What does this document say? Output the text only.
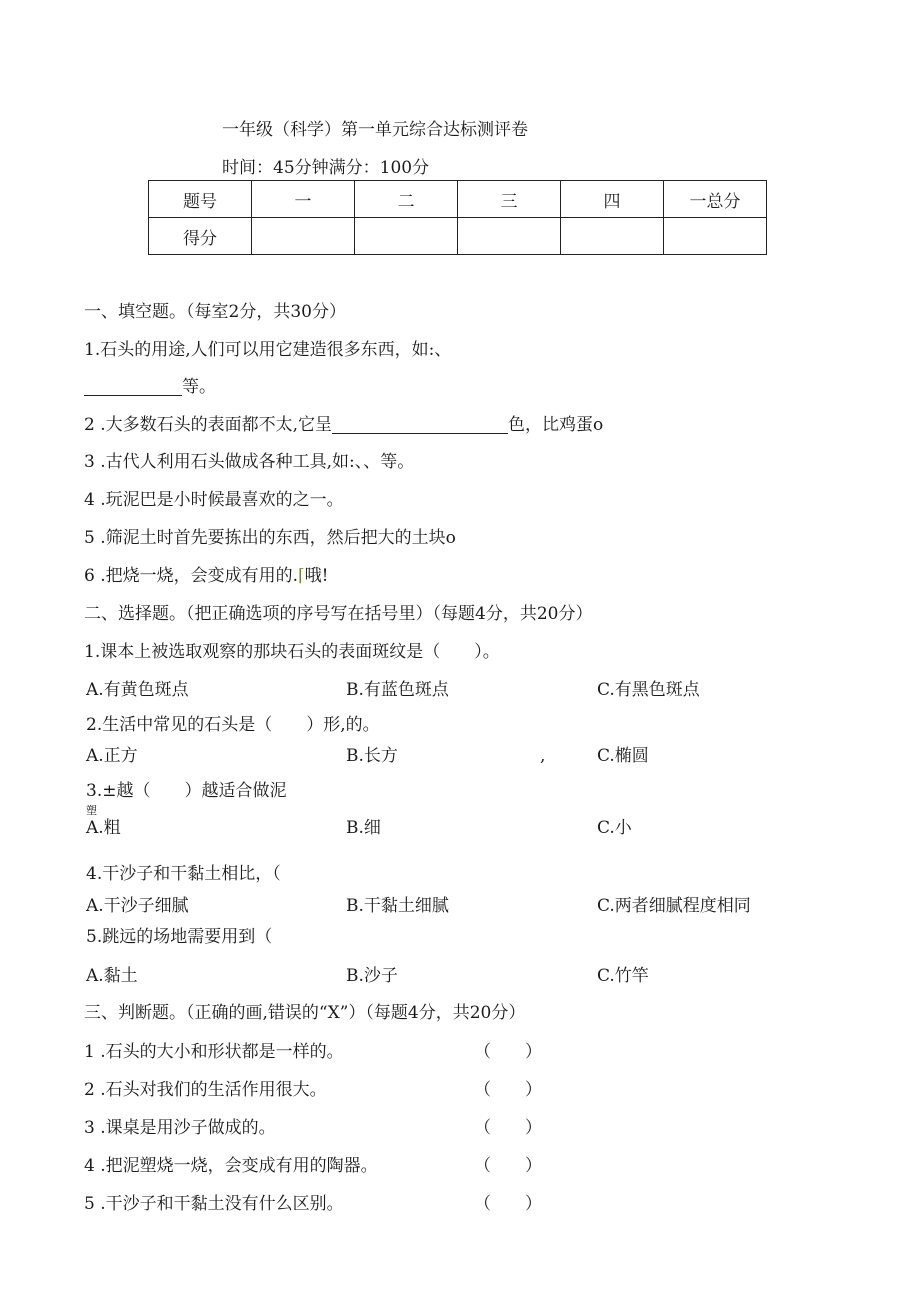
一年级（科学）第一单元综合达标测评卷
时间：45分钟满分：100分
题号	一	二	三	四	一总分
得分					
一、填空题。（每室2分，共30分）
1.石头的用途,人们可以用它建造很多东西，如:、
等。
2 .大多数石头的表面都不太,它呈	色，比鸡蛋o
3 .古代人利用石头做成各种工具,如:、、等。
4 .玩泥巴是小时候最喜欢的之一。
5 .筛泥土时首先要拣出的东西，然后把大的土块o
6 .把烧一烧，会变成有用的.⌈哦!
二、选择题。（把正确选项的序号写在括号里）（每题4分，共20分）
1.课本上被选取观察的那块石头的表面斑纹是（　　）。
A.有黄色斑点	B.有蓝色斑点	C.有黑色斑点
2.生活中常见的石头是（　　）形,的。
A.正方	B.长方	,	C.椭圆
3.±越（　　）越适合做泥
塑
A.粗	B.细	C.小
4.干沙子和干黏土相比，（
A.干沙子细腻	B.干黏土细腻	C.两者细腻程度相同
5.跳远的场地需要用到（
A.黏土	B.沙子	C.竹竿
三、判断题。（正确的画,错误的“X”）（每题4分，共20分）
1 .石头的大小和形状都是一样的。	（　　）
2 .石头对我们的生活作用很大。	（　　）
3 .课桌是用沙子做成的。	（　　）
4 .把泥塑烧一烧，会变成有用的陶器。	（　　）
5 .干沙子和干黏土没有什么区别。	（　　）
